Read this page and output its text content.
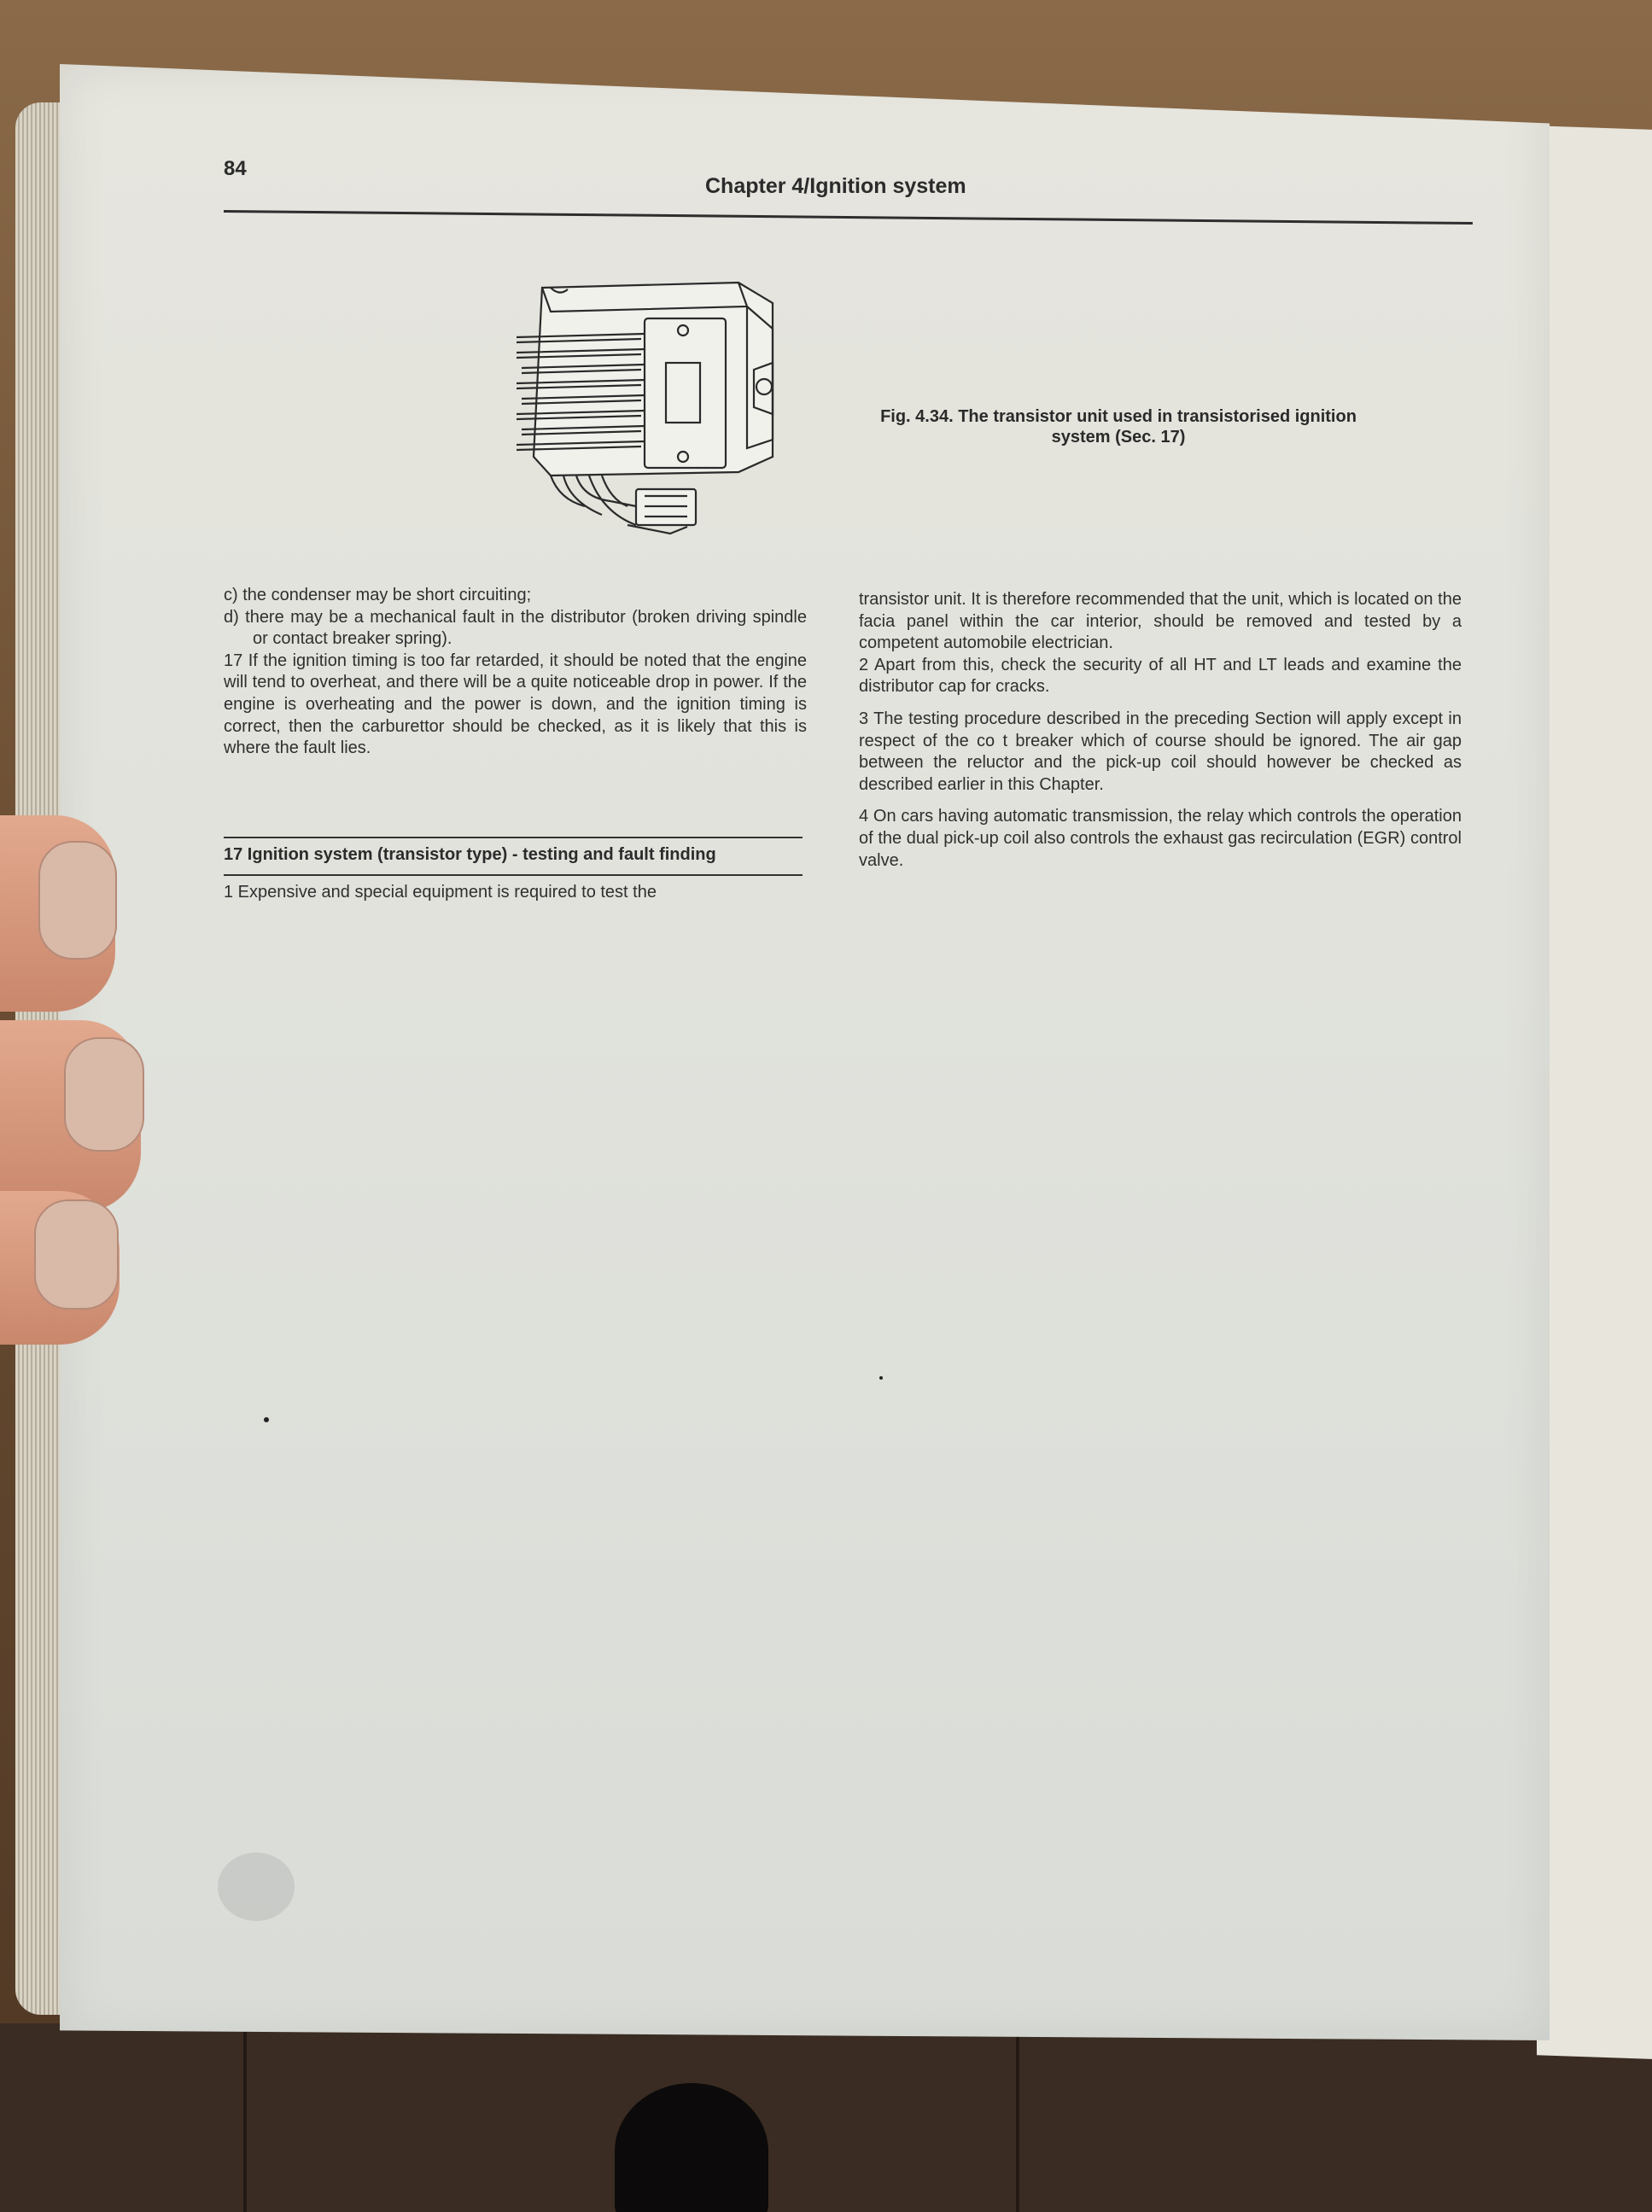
84
Chapter 4/Ignition system
Fig. 4.34. The transistor unit used in transistorised ignition
system (Sec. 17)

c) the condenser may be short circuiting;

d) there may be a mechanical fault in the distributor (broken driving spindle or contact breaker spring).

17 If the ignition timing is too far retarded, it should be noted that the engine will tend to overheat, and there will be a quite noticeable drop in power. If the engine is overheating and the power is down, and the ignition timing is correct, then the carburettor should be checked, as it is likely that this is where the fault lies.

17 Ignition system (transistor type) - testing and fault finding
1 Expensive and special equipment is required to test the

transistor unit. It is therefore recommended that the unit, which is located on the facia panel within the car interior, should be removed and tested by a competent automobile electrician.

2 Apart from this, check the security of all HT and LT leads and examine the distributor cap for cracks.

3 The testing procedure described in the preceding Section will apply except in respect of the co t breaker which of course should be ignored. The air gap between the reluctor and the pick-up coil should however be checked as described earlier in this Chapter.

4 On cars having automatic transmission, the relay which controls the operation of the dual pick-up coil also controls the exhaust gas recirculation (EGR) control valve.
